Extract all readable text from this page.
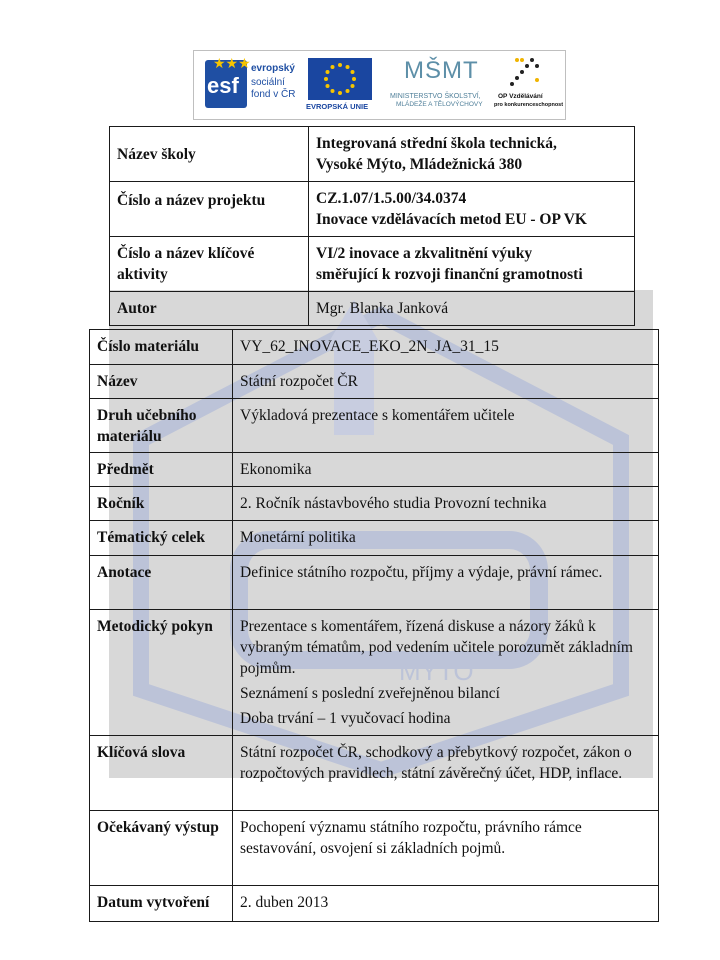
MÝTO
★★★
esf
evropský
sociální
fond v ČR
EVROPSKÁ UNIE
MŠMT
MINISTERSTVO ŠKOLSTVÍ,
MLÁDEŽE A TĚLOVÝCHOVY
OP Vzdělávání
pro konkurenceschopnost
Název školy	Integrovaná střední škola technická,
Vysoké Mýto, Mládežnická 380

Číslo a název projektu	CZ.1.07/1.5.00/34.0374
Inovace vzdělávacích metod EU - OP VK

Číslo a název klíčové aktivity	VI/2 inovace a zkvalitnění výuky
směřující k rozvoji finanční gramotnosti

Autor	Mgr. Blanka Janková
Číslo materiálu	VY_62_INOVACE_EKO_2N_JA_31_15

Název	Státní rozpočet ČR

Druh učebního materiálu	Výkladová prezentace s komentářem učitele

Předmět	Ekonomika

Ročník	2. Ročník nástavbového studia Provozní technika

Tématický celek	Monetární politika

Anotace	Definice státního rozpočtu, příjmy a výdaje, právní rámec.

Metodický pokyn	Prezentace s komentářem, řízená diskuse a názory žáků k vybraným tématům, pod vedením učitele porozumět základním pojmům.

Seznámení s poslední zveřejněnou bilancí

Doba trvání – 1 vyučovací hodina

Klíčová slova	Státní rozpočet ČR, schodkový a přebytkový rozpočet, zákon o rozpočtových pravidlech, státní závěrečný účet, HDP, inflace.

Očekávaný výstup	Pochopení významu státního rozpočtu, právního rámce sestavování, osvojení si základních pojmů.

Datum vytvoření	2. duben 2013
